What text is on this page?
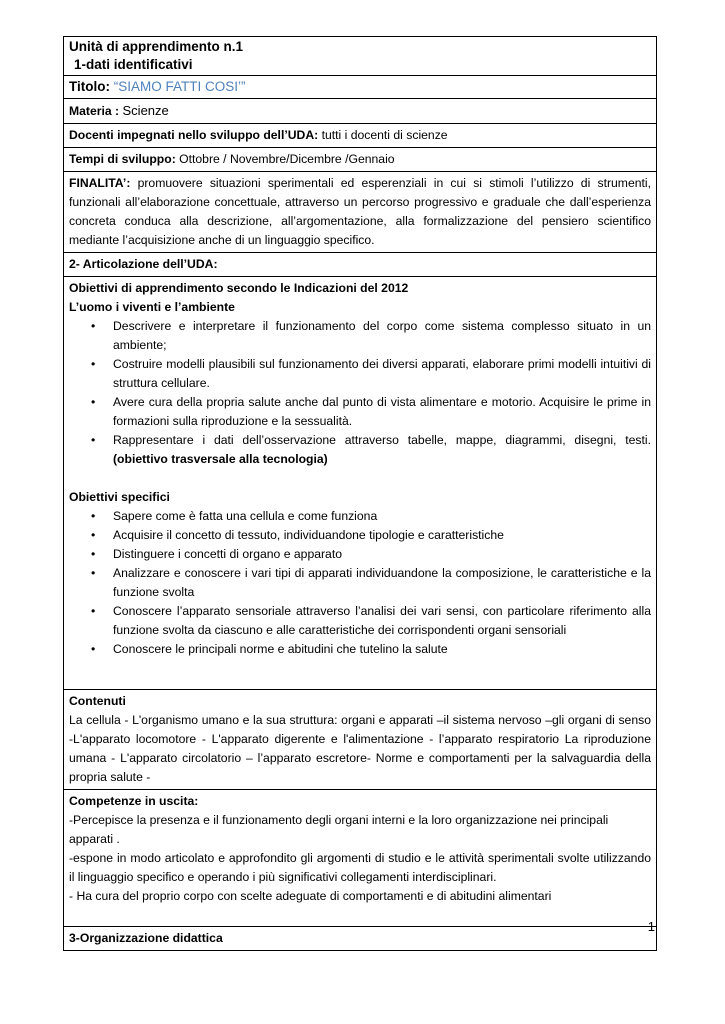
Unità di apprendimento n.1
1-dati identificativi
Titolo: “SIAMO FATTI COSI’”
Materia : Scienze
Docenti impegnati nello sviluppo dell’UDA: tutti i docenti di scienze
Tempi di sviluppo: Ottobre / Novembre/Dicembre /Gennaio
FINALITA’: promuovere situazioni sperimentali ed esperenziali in cui si stimoli l’utilizzo di strumenti, funzionali all’elaborazione concettuale, attraverso un percorso progressivo e graduale che dall’esperienza concreta conduca alla descrizione, all’argomentazione, alla formalizzazione del pensiero scientifico mediante l’acquisizione anche di un linguaggio specifico.
2- Articolazione dell’UDA:
Obiettivi di apprendimento secondo le Indicazioni del 2012
L’uomo i viventi e l’ambiente
• Descrivere e interpretare il funzionamento del corpo come sistema complesso situato in un ambiente;
• Costruire modelli plausibili sul funzionamento dei diversi apparati, elaborare primi modelli intuitivi di struttura cellulare.
• Avere cura della propria salute anche dal punto di vista alimentare e motorio. Acquisire le prime in formazioni sulla riproduzione e la sessualità.
• Rappresentare i dati dell’osservazione attraverso tabelle, mappe, diagrammi, disegni, testi.(obiettivo trasversale alla tecnologia)
Obiettivi specifici
• Sapere come è fatta una cellula e come funziona
• Acquisire il concetto di tessuto, individuandone tipologie e caratteristiche
• Distinguere i concetti di organo e apparato
• Analizzare e conoscere i vari tipi di apparati individuandone la composizione, le caratteristiche e la funzione svolta
• Conoscere l’apparato sensoriale attraverso l’analisi dei vari sensi, con particolare riferimento alla funzione svolta da ciascuno e alle caratteristiche dei corrispondenti organi sensoriali
• Conoscere le principali norme e abitudini che tutelino la salute
Contenuti
La cellula - L'organismo umano e la sua struttura: organi e apparati –il sistema nervoso –gli organi di senso -L'apparato locomotore - L'apparato digerente e l'alimentazione - l’apparato respiratorio La riproduzione umana - L'apparato circolatorio – l’apparato escretore- Norme e comportamenti per la salvaguardia della propria salute -
Competenze in uscita:
-Percepisce la presenza e il funzionamento degli organi interni e la loro organizzazione nei principali apparati .
-espone in modo articolato e approfondito gli argomenti di studio e le attività sperimentali svolte utilizzando il linguaggio specifico e operando i più significativi collegamenti interdisciplinari.
- Ha cura del proprio corpo con scelte adeguate di comportamenti e di abitudini alimentari
3-Organizzazione didattica
1
